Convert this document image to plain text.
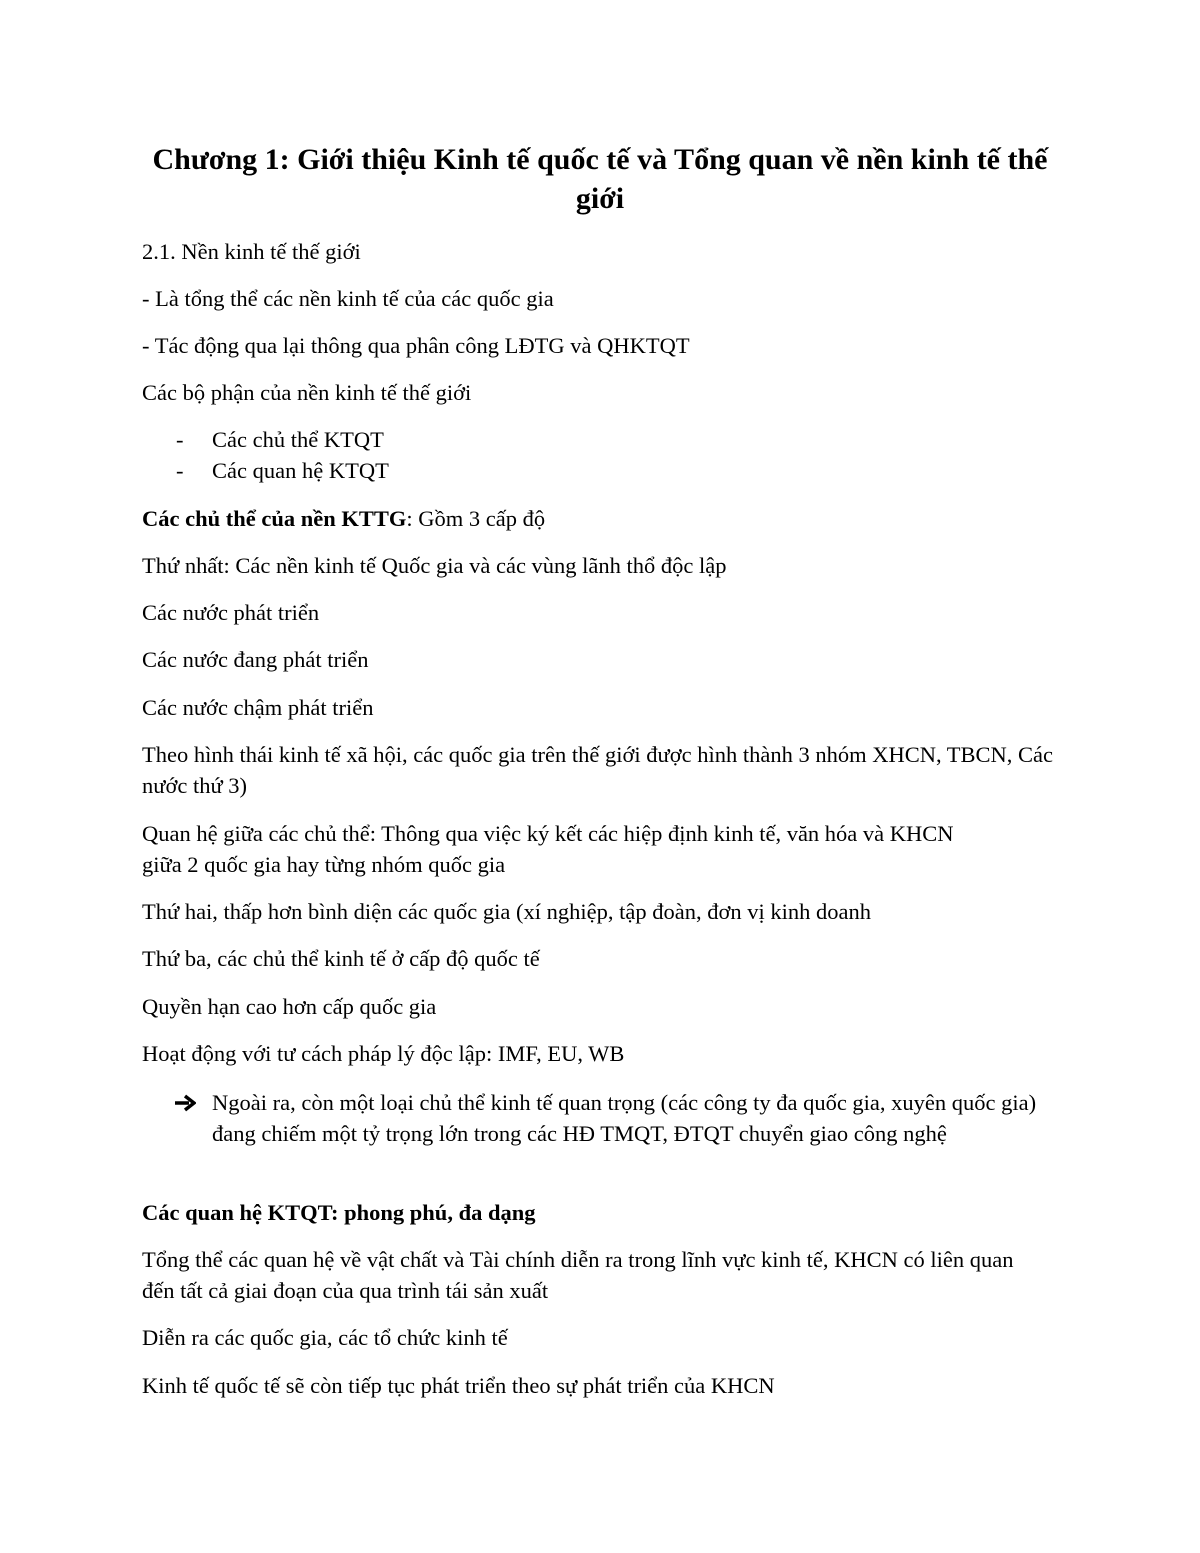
Chương 1: Giới thiệu Kinh tế quốc tế và Tổng quan về nền kinh tế thế giới

2.1. Nền kinh tế thế giới

- Là tổng thể các nền kinh tế của các quốc gia

- Tác động qua lại thông qua phân công LĐTG và QHKTQT

Các bộ phận của nền kinh tế thế giới

- Các chủ thể KTQT
- Các quan hệ KTQT

Các chủ thể của nền KTTG: Gồm 3 cấp độ

Thứ nhất: Các nền kinh tế Quốc gia và các vùng lãnh thổ độc lập

Các nước phát triển

Các nước đang phát triển

Các nước chậm phát triển

Theo hình thái kinh tế xã hội, các quốc gia trên thế giới được hình thành 3 nhóm XHCN, TBCN, Các nước thứ 3)

Quan hệ giữa các chủ thể: Thông qua việc ký kết các hiệp định kinh tế, văn hóa và KHCN giữa 2 quốc gia hay từng nhóm quốc gia

Thứ hai, thấp hơn bình diện các quốc gia (xí nghiệp, tập đoàn, đơn vị kinh doanh

Thứ ba, các chủ thể kinh tế ở cấp độ quốc tế

Quyền hạn cao hơn cấp quốc gia

Hoạt động với tư cách pháp lý độc lập: IMF, EU, WB

Ngoài ra, còn một loại chủ thể kinh tế quan trọng (các công ty đa quốc gia, xuyên quốc gia) đang chiếm một tỷ trọng lớn trong các HĐ TMQT, ĐTQT chuyển giao công nghệ

Các quan hệ KTQT: phong phú, đa dạng

Tổng thể các quan hệ về vật chất và Tài chính diễn ra trong lĩnh vực kinh tế, KHCN có liên quan đến tất cả giai đoạn của qua trình tái sản xuất

Diễn ra các quốc gia, các tổ chức kinh tế

Kinh tế quốc tế sẽ còn tiếp tục phát triển theo sự phát triển của KHCN
